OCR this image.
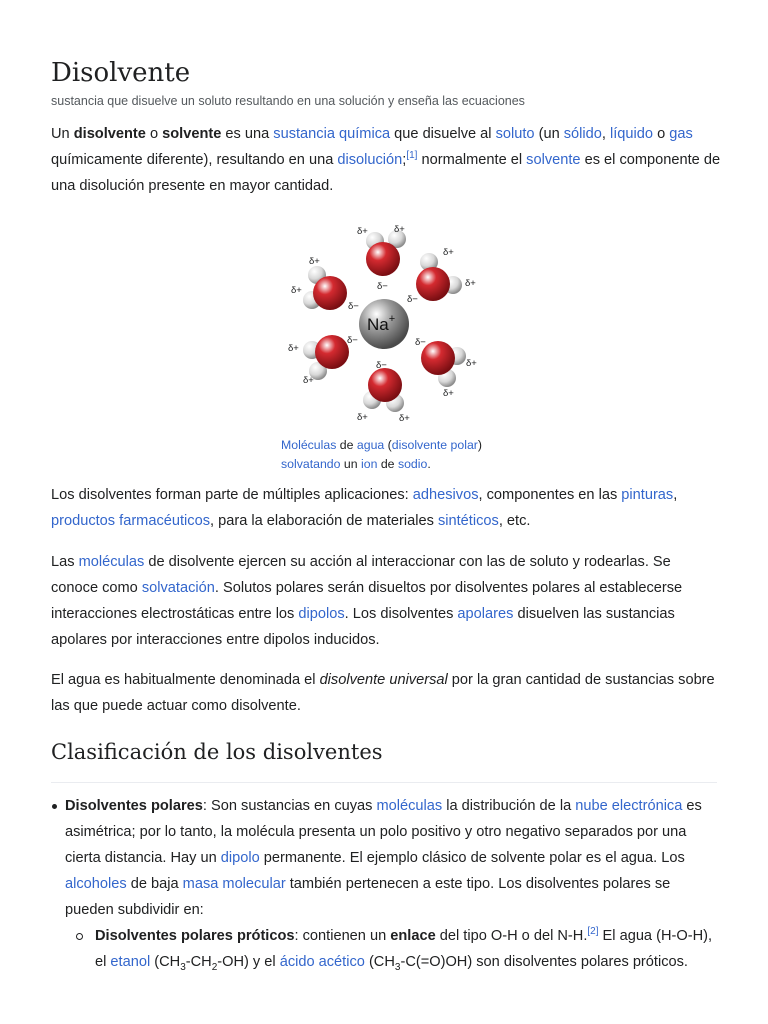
Disolvente
sustancia que disuelve un soluto resultando en una solución y enseña las ecuaciones

Un disolvente o solvente es una sustancia química que disuelve al soluto (un sólido, líquido o gas químicamente diferente), resultando en una disolución;[1] normalmente el solvente es el componente de una disolución presente en mayor cantidad.

δ−
δ+	δ+
δ−
δ+
δ+
δ−
δ+
δ+
δ−
δ+
δ+
δ−
δ+
δ+
δ−
δ+	δ+
Na+
Moléculas de agua (disolvente polar)
solvatando un ion de sodio.

Los disolventes forman parte de múltiples aplicaciones: adhesivos, componentes en las pinturas, productos farmacéuticos, para la elaboración de materiales sintéticos, etc.

Las moléculas de disolvente ejercen su acción al interaccionar con las de soluto y rodearlas. Se conoce como solvatación. Solutos polares serán disueltos por disolventes polares al establecerse interacciones electrostáticas entre los dipolos. Los disolventes apolares disuelven las sustancias apolares por interacciones entre dipolos inducidos.

El agua es habitualmente denominada el disolvente universal por la gran cantidad de sustancias sobre las que puede actuar como disolvente.

Clasificación de los disolventes
Disolventes polares: Son sustancias en cuyas moléculas la distribución de la nube electrónica es asimétrica; por lo tanto, la molécula presenta un polo positivo y otro negativo separados por una cierta distancia. Hay un dipolo permanente. El ejemplo clásico de solvente polar es el agua. Los alcoholes de baja masa molecular también pertenecen a este tipo. Los disolventes polares se pueden subdividir en:
Disolventes polares próticos: contienen un enlace del tipo O-H o del N-H.[2] El agua (H-O-H), el etanol $(CH_3-CH_2-OH)$ y el ácido acético $(CH_3-C(=O)OH)$ son disolventes polares próticos.
